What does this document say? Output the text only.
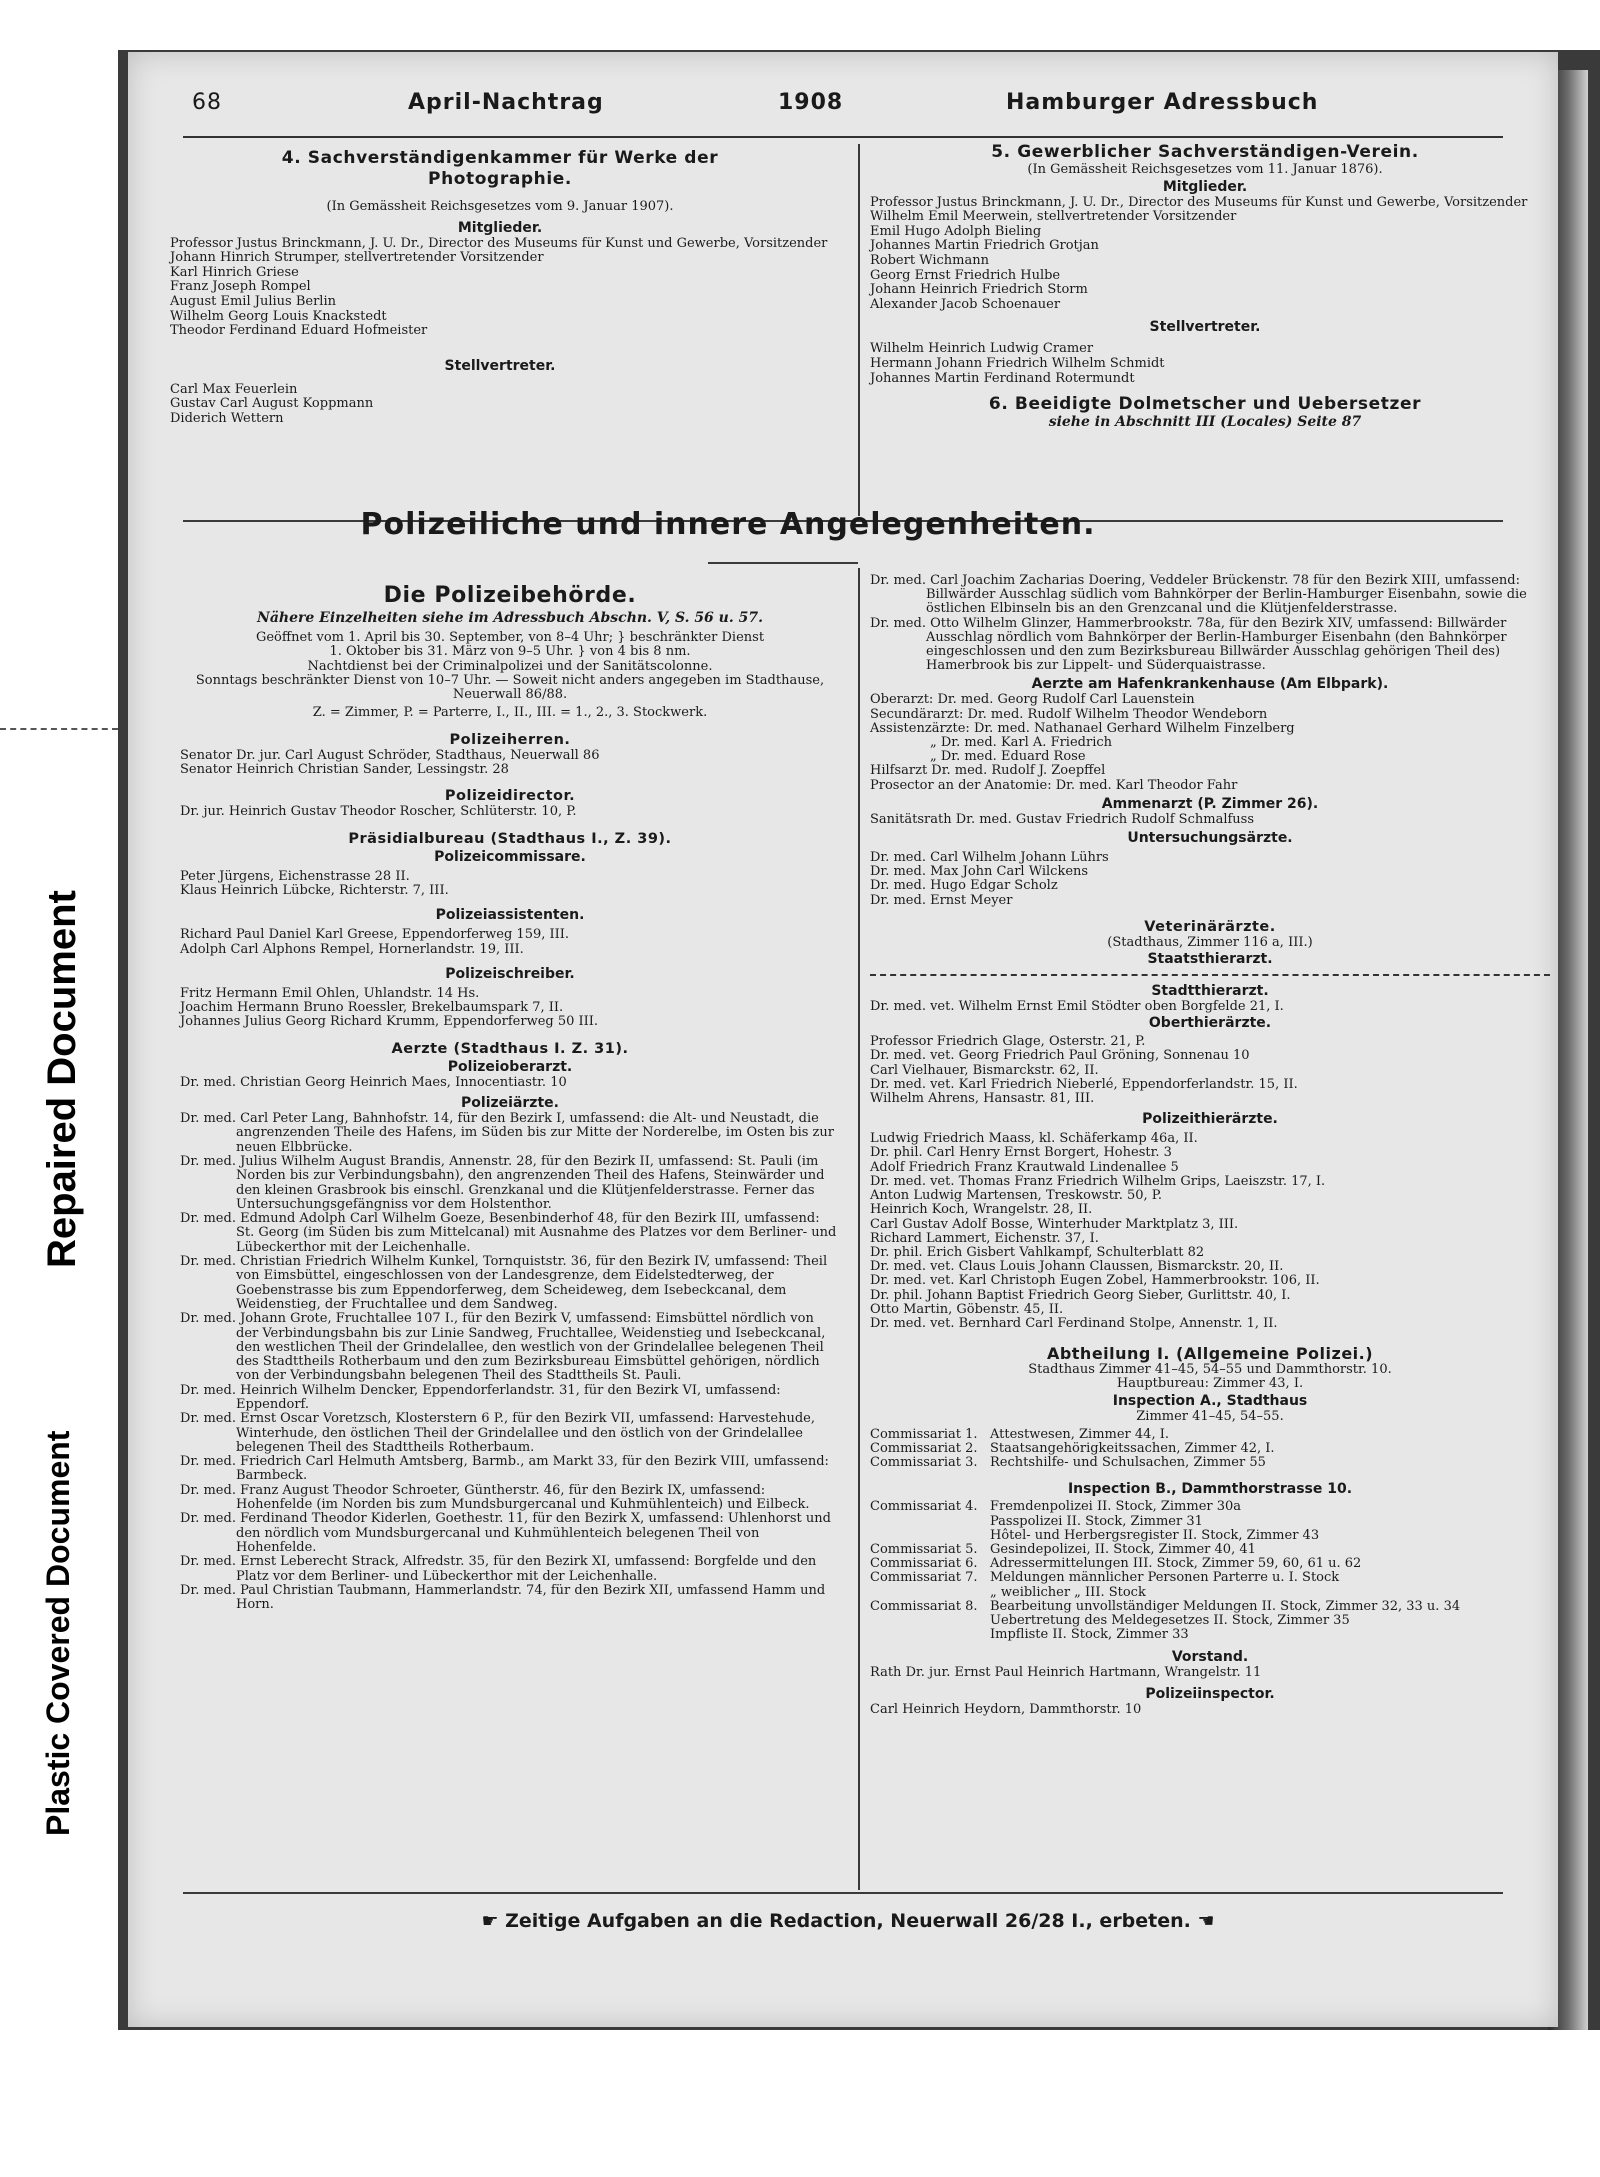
Repaired Document
Plastic Covered Document
68	April-Nachtrag	1908	Hamburger Adressbuch
4. Sachverständigenkammer für Werke der Photographie.

(In Gemässheit Reichsgesetzes vom 9. Januar 1907).

Mitglieder.

Professor Justus Brinckmann, J. U. Dr., Director des Museums für Kunst und Gewerbe, Vorsitzender

Johann Hinrich Strumper, stellvertretender Vorsitzender

Karl Hinrich Griese

Franz Joseph Rompel

August Emil Julius Berlin

Wilhelm Georg Louis Knackstedt

Theodor Ferdinand Eduard Hofmeister

Stellvertreter.

Carl Max Feuerlein

Gustav Carl August Koppmann

Diderich Wettern

5. Gewerblicher Sachverständigen-Verein.

(In Gemässheit Reichsgesetzes vom 11. Januar 1876).

Mitglieder.

Professor Justus Brinckmann, J. U. Dr., Director des Museums für Kunst und Gewerbe, Vorsitzender

Wilhelm Emil Meerwein, stellvertretender Vorsitzender

Emil Hugo Adolph Bieling

Johannes Martin Friedrich Grotjan

Robert Wichmann

Georg Ernst Friedrich Hulbe

Johann Heinrich Friedrich Storm

Alexander Jacob Schoenauer

Stellvertreter.

Wilhelm Heinrich Ludwig Cramer

Hermann Johann Friedrich Wilhelm Schmidt

Johannes Martin Ferdinand Rotermundt

6. Beeidigte Dolmetscher und Uebersetzer

siehe in Abschnitt III (Locales) Seite 87

Polizeiliche und innere Angelegenheiten.
Die Polizeibehörde.

Nähere Einzelheiten siehe im Adressbuch Abschn. V, S. 56 u. 57.

Geöffnet vom 1. April bis 30. September, von 8–4 Uhr; } beschränkter Dienst

1. Oktober bis 31. März von 9–5 Uhr. } von 4 bis 8 nm.

Nachtdienst bei der Criminalpolizei und der Sanitätscolonne.

Sonntags beschränkter Dienst von 10–7 Uhr. — Soweit nicht anders angegeben im Stadthause, Neuerwall 86/88.

Z. = Zimmer, P. = Parterre, I., II., III. = 1., 2., 3. Stockwerk.

Polizeiherren.

Senator Dr. jur. Carl August Schröder, Stadthaus, Neuerwall 86

Senator Heinrich Christian Sander, Lessingstr. 28

Polizeidirector.

Dr. jur. Heinrich Gustav Theodor Roscher, Schlüterstr. 10, P.

Präsidialbureau (Stadthaus I., Z. 39).

Polizeicommissare.

Peter Jürgens, Eichenstrasse 28 II.

Klaus Heinrich Lübcke, Richterstr. 7, III.

Polizeiassistenten.

Richard Paul Daniel Karl Greese, Eppendorferweg 159, III.

Adolph Carl Alphons Rempel, Hornerlandstr. 19, III.

Polizeischreiber.

Fritz Hermann Emil Ohlen, Uhlandstr. 14 Hs.

Joachim Hermann Bruno Roessler, Brekelbaumspark 7, II.

Johannes Julius Georg Richard Krumm, Eppendorferweg 50 III.

Aerzte (Stadthaus I. Z. 31).

Polizeioberarzt.

Dr. med. Christian Georg Heinrich Maes, Innocentiastr. 10

Polizeiärzte.

Dr. med. Carl Peter Lang, Bahnhofstr. 14, für den Bezirk I, umfassend: die Alt- und Neustadt, die angrenzenden Theile des Hafens, im Süden bis zur Mitte der Norderelbe, im Osten bis zur neuen Elbbrücke.

Dr. med. Julius Wilhelm August Brandis, Annenstr. 28, für den Bezirk II, umfassend: St. Pauli (im Norden bis zur Verbindungsbahn), den angrenzenden Theil des Hafens, Steinwärder und den kleinen Grasbrook bis einschl. Grenzkanal und die Klütjenfelderstrasse. Ferner das Untersuchungsgefängniss vor dem Holstenthor.

Dr. med. Edmund Adolph Carl Wilhelm Goeze, Besenbinderhof 48, für den Bezirk III, umfassend: St. Georg (im Süden bis zum Mittelcanal) mit Ausnahme des Platzes vor dem Berliner- und Lübeckerthor mit der Leichenhalle.

Dr. med. Christian Friedrich Wilhelm Kunkel, Tornquiststr. 36, für den Bezirk IV, umfassend: Theil von Eimsbüttel, eingeschlossen von der Landesgrenze, dem Eidelstedterweg, der Goebenstrasse bis zum Eppendorferweg, dem Scheideweg, dem Isebeckcanal, dem Weidenstieg, der Fruchtallee und dem Sandweg.

Dr. med. Johann Grote, Fruchtallee 107 I., für den Bezirk V, umfassend: Eimsbüttel nördlich von der Verbindungsbahn bis zur Linie Sandweg, Fruchtallee, Weidenstieg und Isebeckcanal, den westlichen Theil der Grindelallee, den westlich von der Grindelallee belegenen Theil des Stadttheils Rotherbaum und den zum Bezirksbureau Eimsbüttel gehörigen, nördlich von der Verbindungsbahn belegenen Theil des Stadttheils St. Pauli.

Dr. med. Heinrich Wilhelm Dencker, Eppendorferlandstr. 31, für den Bezirk VI, umfassend: Eppendorf.

Dr. med. Ernst Oscar Voretzsch, Klosterstern 6 P., für den Bezirk VII, umfassend: Harvestehude, Winterhude, den östlichen Theil der Grindelallee und den östlich von der Grindelallee belegenen Theil des Stadttheils Rotherbaum.

Dr. med. Friedrich Carl Helmuth Amtsberg, Barmb., am Markt 33, für den Bezirk VIII, umfassend: Barmbeck.

Dr. med. Franz August Theodor Schroeter, Güntherstr. 46, für den Bezirk IX, umfassend: Hohenfelde (im Norden bis zum Mundsburgercanal und Kuhmühlenteich) und Eilbeck.

Dr. med. Ferdinand Theodor Kiderlen, Goethestr. 11, für den Bezirk X, umfassend: Uhlenhorst und den nördlich vom Mundsburgercanal und Kuhmühlenteich belegenen Theil von Hohenfelde.

Dr. med. Ernst Leberecht Strack, Alfredstr. 35, für den Bezirk XI, umfassend: Borgfelde und den Platz vor dem Berliner- und Lübeckerthor mit der Leichenhalle.

Dr. med. Paul Christian Taubmann, Hammerlandstr. 74, für den Bezirk XII, umfassend Hamm und Horn.

Dr. med. Carl Joachim Zacharias Doering, Veddeler Brückenstr. 78 für den Bezirk XIII, umfassend: Billwärder Ausschlag südlich vom Bahnkörper der Berlin-Hamburger Eisenbahn, sowie die östlichen Elbinseln bis an den Grenzcanal und die Klütjenfelderstrasse.

Dr. med. Otto Wilhelm Glinzer, Hammerbrookstr. 78a, für den Bezirk XIV, umfassend: Billwärder Ausschlag nördlich vom Bahnkörper der Berlin-Hamburger Eisenbahn (den Bahnkörper eingeschlossen und den zum Bezirksbureau Billwärder Ausschlag gehörigen Theil des) Hamerbrook bis zur Lippelt- und Süderquaistrasse.

Aerzte am Hafenkrankenhause (Am Elbpark).

Oberarzt: Dr. med. Georg Rudolf Carl Lauenstein

Secundärarzt: Dr. med. Rudolf Wilhelm Theodor Wendeborn

Assistenzärzte: Dr. med. Nathanael Gerhard Wilhelm Finzelberg

„ Dr. med. Karl A. Friedrich

„ Dr. med. Eduard Rose

Hilfsarzt Dr. med. Rudolf J. Zoepffel

Prosector an der Anatomie: Dr. med. Karl Theodor Fahr

Ammenarzt (P. Zimmer 26).

Sanitätsrath Dr. med. Gustav Friedrich Rudolf Schmalfuss

Untersuchungsärzte.

Dr. med. Carl Wilhelm Johann Lührs

Dr. med. Max John Carl Wilckens

Dr. med. Hugo Edgar Scholz

Dr. med. Ernst Meyer

Veterinärärzte.

(Stadthaus, Zimmer 116 a, III.)

Staatsthierarzt.

Stadtthierarzt.

Dr. med. vet. Wilhelm Ernst Emil Stödter oben Borgfelde 21, I.

Oberthierärzte.

Professor Friedrich Glage, Osterstr. 21, P.

Dr. med. vet. Georg Friedrich Paul Gröning, Sonnenau 10

Carl Vielhauer, Bismarckstr. 62, II.

Dr. med. vet. Karl Friedrich Nieberlé, Eppendorferlandstr. 15, II.

Wilhelm Ahrens, Hansastr. 81, III.

Polizeithierärzte.

Ludwig Friedrich Maass, kl. Schäferkamp 46a, II.

Dr. phil. Carl Henry Ernst Borgert, Hohestr. 3

Adolf Friedrich Franz Krautwald Lindenallee 5

Dr. med. vet. Thomas Franz Friedrich Wilhelm Grips, Laeiszstr. 17, I.

Anton Ludwig Martensen, Treskowstr. 50, P.

Heinrich Koch, Wrangelstr. 28, II.

Carl Gustav Adolf Bosse, Winterhuder Marktplatz 3, III.

Richard Lammert, Eichenstr. 37, I.

Dr. phil. Erich Gisbert Vahlkampf, Schulterblatt 82

Dr. med. vet. Claus Louis Johann Claussen, Bismarckstr. 20, II.

Dr. med. vet. Karl Christoph Eugen Zobel, Hammerbrookstr. 106, II.

Dr. phil. Johann Baptist Friedrich Georg Sieber, Gurlittstr. 40, I.

Otto Martin, Göbenstr. 45, II.

Dr. med. vet. Bernhard Carl Ferdinand Stolpe, Annenstr. 1, II.

Abtheilung I. (Allgemeine Polizei.)

Stadthaus Zimmer 41–45, 54–55 und Dammthorstr. 10.

Hauptbureau: Zimmer 43, I.

Inspection A., Stadthaus

Zimmer 41–45, 54–55.

Commissariat 1. Attestwesen, Zimmer 44, I.
Commissariat 2. Staatsangehörigkeitssachen, Zimmer 42, I.
Commissariat 3. Rechtshilfe- und Schulsachen, Zimmer 55

Inspection B., Dammthorstrasse 10.

Commissariat 4. Fremdenpolizei II. Stock, Zimmer 30a
Passpolizei II. Stock, Zimmer 31
Hôtel- und Herbergsregister II. Stock, Zimmer 43
Commissariat 5. Gesindepolizei, II. Stock, Zimmer 40, 41
Commissariat 6. Adressermittelungen III. Stock, Zimmer 59, 60, 61 u. 62
Commissariat 7. Meldungen männlicher Personen Parterre u. I. Stock
„ weiblicher „ III. Stock
Commissariat 8. Bearbeitung unvollständiger Meldungen II. Stock, Zimmer 32, 33 u. 34
Uebertretung des Meldegesetzes II. Stock, Zimmer 35
Impfliste II. Stock, Zimmer 33

Vorstand.

Rath Dr. jur. Ernst Paul Heinrich Hartmann, Wrangelstr. 11

Polizeiinspector.

Carl Heinrich Heydorn, Dammthorstr. 10

☛ Zeitige Aufgaben an die Redaction, Neuerwall 26/28 I., erbeten. ☚
